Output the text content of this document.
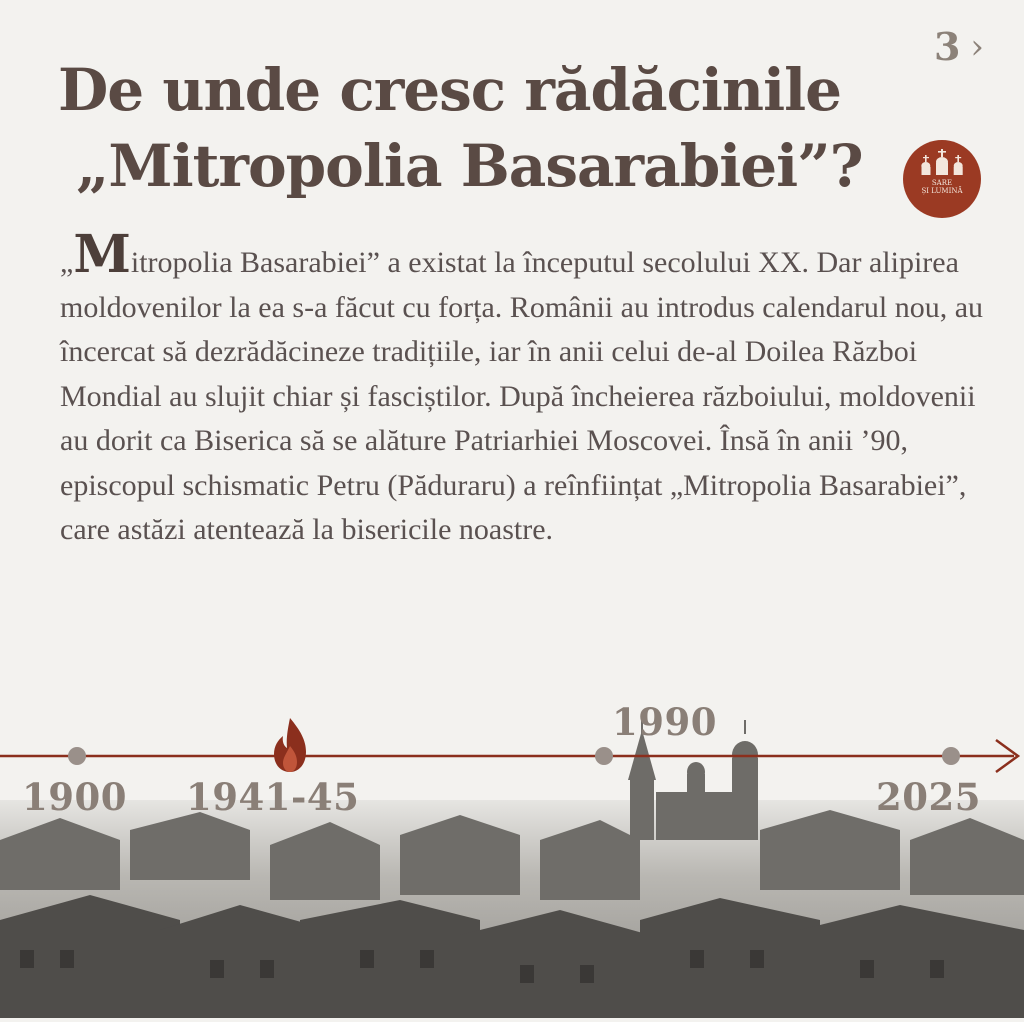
3 ›
De unde cresc rădăcinile
„Mitropolia Basarabiei”?	SARE
ȘI LUMINĂ
„Mitropolia Basarabiei” a existat la începutul secolului XX. Dar alipirea moldovenilor la ea s-a făcut cu forța. Românii au introdus calendarul nou, au încercat să dezrădăcineze tradițiile, iar în anii celui de-al Doilea Război Mondial au slujit chiar și fasciștilor. După încheierea războiului, moldovenii au dorit ca Biserica să se alăture Patriarhiei Moscovei. Însă în anii ’90, episcopul schismatic Petru (Păduraru) a reînființat „Mitropolia Basarabiei”, care astăzi atentează la bisericile noastre.
1900 1941-45
1990
2025
